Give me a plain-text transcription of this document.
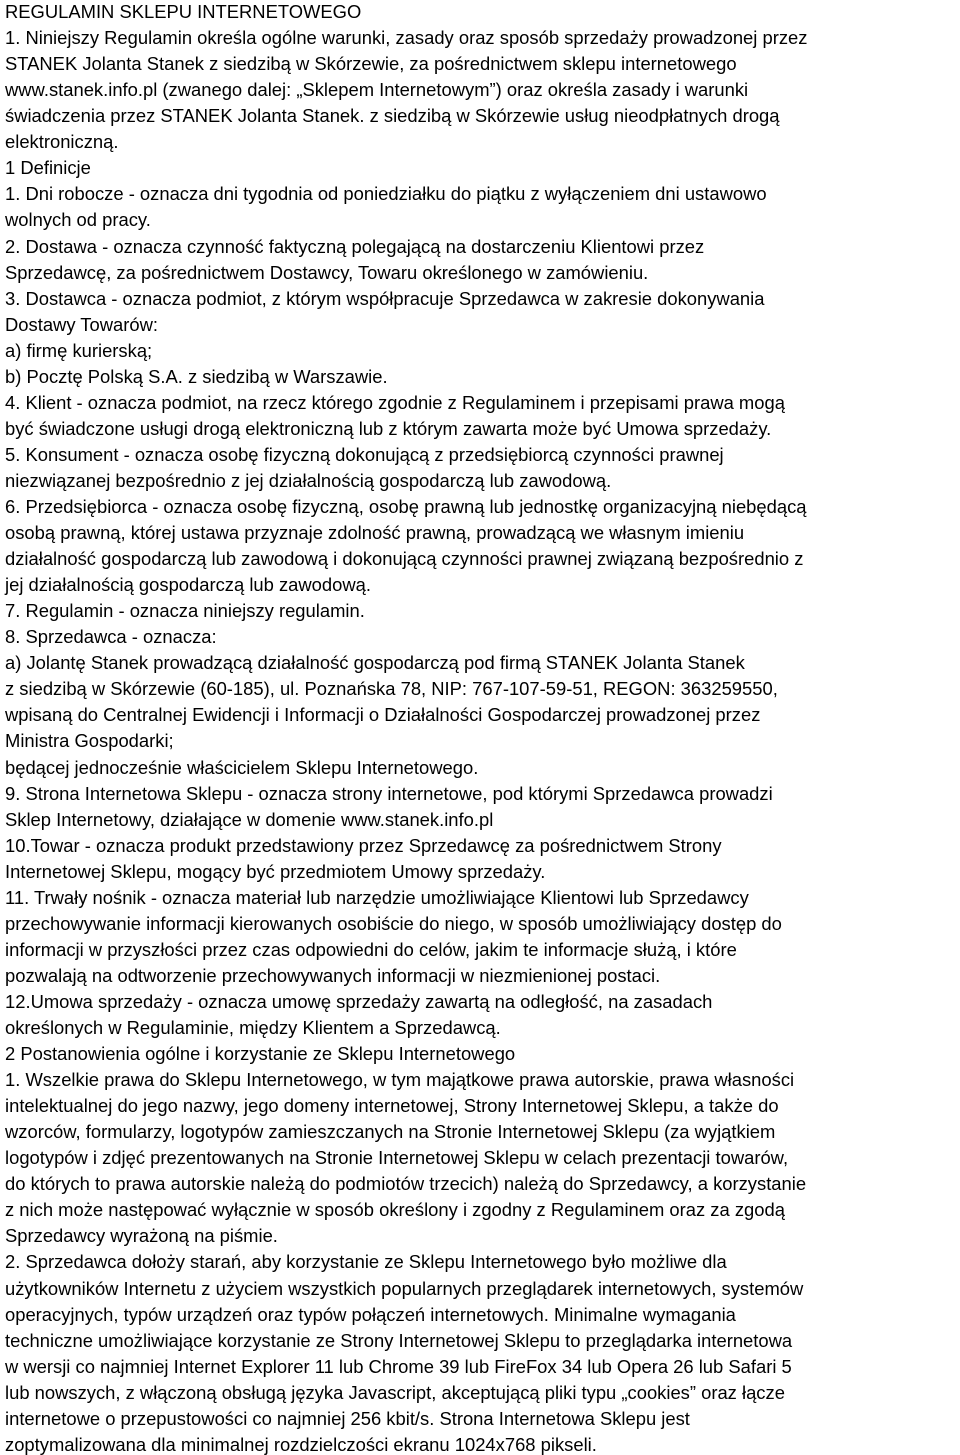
REGULAMIN SKLEPU INTERNETOWEGO
1. Niniejszy Regulamin określa ogólne warunki, zasady oraz sposób sprzedaży prowadzonej przez
STANEK Jolanta Stanek z siedzibą w Skórzewie, za pośrednictwem sklepu internetowego
www.stanek.info.pl (zwanego dalej: „Sklepem Internetowym”) oraz określa zasady i warunki
świadczenia przez STANEK Jolanta Stanek. z siedzibą w Skórzewie usług nieodpłatnych drogą
elektroniczną.
1 Definicje
1. Dni robocze - oznacza dni tygodnia od poniedziałku do piątku z wyłączeniem dni ustawowo
wolnych od pracy.
2. Dostawa - oznacza czynność faktyczną polegającą na dostarczeniu Klientowi przez
Sprzedawcę, za pośrednictwem Dostawcy, Towaru określonego w zamówieniu.
3. Dostawca - oznacza podmiot, z którym współpracuje Sprzedawca w zakresie dokonywania
Dostawy Towarów:
a) firmę kurierską;
b) Pocztę Polską S.A. z siedzibą w Warszawie.
4. Klient - oznacza podmiot, na rzecz którego zgodnie z Regulaminem i przepisami prawa mogą
być świadczone usługi drogą elektroniczną lub z którym zawarta może być Umowa sprzedaży.
5. Konsument - oznacza osobę fizyczną dokonującą z przedsiębiorcą czynności prawnej
niezwiązanej bezpośrednio z jej działalnością gospodarczą lub zawodową.
6. Przedsiębiorca - oznacza osobę fizyczną, osobę prawną lub jednostkę organizacyjną niebędącą
osobą prawną, której ustawa przyznaje zdolność prawną, prowadzącą we własnym imieniu
działalność gospodarczą lub zawodową i dokonującą czynności prawnej związaną bezpośrednio z
jej działalnością gospodarczą lub zawodową.
7. Regulamin - oznacza niniejszy regulamin.
8. Sprzedawca - oznacza:
a) Jolantę Stanek prowadzącą działalność gospodarczą pod firmą STANEK Jolanta Stanek
z siedzibą w Skórzewie (60-185), ul. Poznańska 78, NIP: 767-107-59-51, REGON: 363259550,
wpisaną do Centralnej Ewidencji i Informacji o Działalności Gospodarczej prowadzonej przez
Ministra Gospodarki;
będącej jednocześnie właścicielem Sklepu Internetowego.
9. Strona Internetowa Sklepu - oznacza strony internetowe, pod którymi Sprzedawca prowadzi
Sklep Internetowy, działające w domenie www.stanek.info.pl
10.Towar - oznacza produkt przedstawiony przez Sprzedawcę za pośrednictwem Strony
Internetowej Sklepu, mogący być przedmiotem Umowy sprzedaży.
11. Trwały nośnik - oznacza materiał lub narzędzie umożliwiające Klientowi lub Sprzedawcy
przechowywanie informacji kierowanych osobiście do niego, w sposób umożliwiający dostęp do
informacji w przyszłości przez czas odpowiedni do celów, jakim te informacje służą, i które
pozwalają na odtworzenie przechowywanych informacji w niezmienionej postaci.
12.Umowa sprzedaży - oznacza umowę sprzedaży zawartą na odległość, na zasadach
określonych w Regulaminie, między Klientem a Sprzedawcą.
2 Postanowienia ogólne i korzystanie ze Sklepu Internetowego
1. Wszelkie prawa do Sklepu Internetowego, w tym majątkowe prawa autorskie, prawa własności
intelektualnej do jego nazwy, jego domeny internetowej, Strony Internetowej Sklepu, a także do
wzorców, formularzy, logotypów zamieszczanych na Stronie Internetowej Sklepu (za wyjątkiem
logotypów i zdjęć prezentowanych na Stronie Internetowej Sklepu w celach prezentacji towarów,
do których to prawa autorskie należą do podmiotów trzecich) należą do Sprzedawcy, a korzystanie
z nich może następować wyłącznie w sposób określony i zgodny z Regulaminem oraz za zgodą
Sprzedawcy wyrażoną na piśmie.
2. Sprzedawca dołoży starań, aby korzystanie ze Sklepu Internetowego było możliwe dla
użytkowników Internetu z użyciem wszystkich popularnych przeglądarek internetowych, systemów
operacyjnych, typów urządzeń oraz typów połączeń internetowych. Minimalne wymagania
techniczne umożliwiające korzystanie ze Strony Internetowej Sklepu to przeglądarka internetowa
w wersji co najmniej Internet Explorer 11 lub Chrome 39 lub FireFox 34 lub Opera 26 lub Safari 5
lub nowszych, z włączoną obsługą języka Javascript, akceptującą pliki typu „cookies” oraz łącze
internetowe o przepustowości co najmniej 256 kbit/s. Strona Internetowa Sklepu jest
zoptymalizowana dla minimalnej rozdzielczości ekranu 1024x768 pikseli.
